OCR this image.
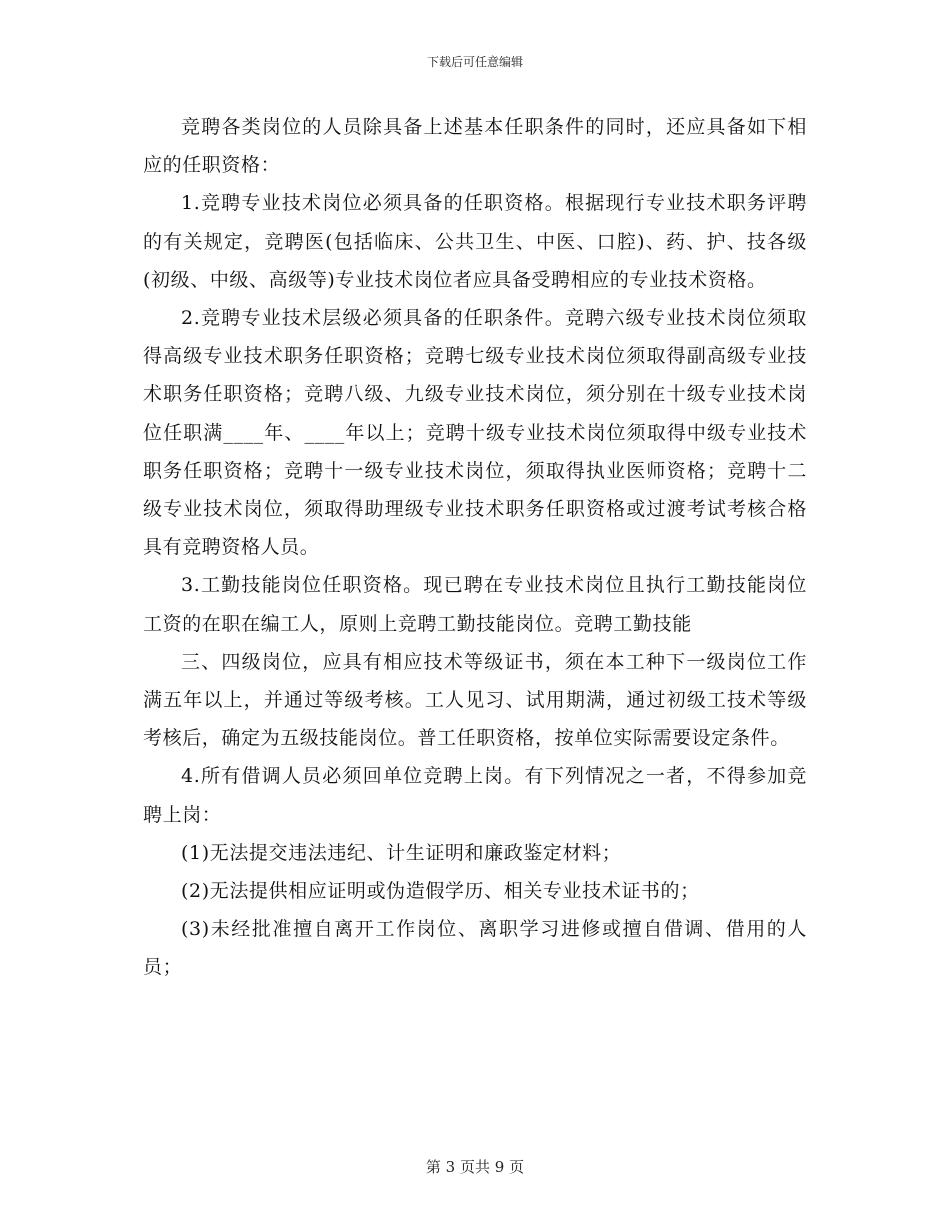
下载后可任意编辑

竞聘各类岗位的人员除具备上述基本任职条件的同时，还应具备如下相应的任职资格：

1.竞聘专业技术岗位必须具备的任职资格。根据现行专业技术职务评聘的有关规定，竞聘医(包括临床、公共卫生、中医、口腔)、药、护、技各级(初级、中级、高级等)专业技术岗位者应具备受聘相应的专业技术资格。

2.竞聘专业技术层级必须具备的任职条件。竞聘六级专业技术岗位须取得高级专业技术职务任职资格；竞聘七级专业技术岗位须取得副高级专业技术职务任职资格；竞聘八级、九级专业技术岗位，须分别在十级专业技术岗位任职满____年、____年以上；竞聘十级专业技术岗位须取得中级专业技术职务任职资格；竞聘十一级专业技术岗位，须取得执业医师资格；竞聘十二级专业技术岗位，须取得助理级专业技术职务任职资格或过渡考试考核合格具有竞聘资格人员。

3.工勤技能岗位任职资格。现已聘在专业技术岗位且执行工勤技能岗位工资的在职在编工人，原则上竞聘工勤技能岗位。竞聘工勤技能

三、四级岗位，应具有相应技术等级证书，须在本工种下一级岗位工作满五年以上，并通过等级考核。工人见习、试用期满，通过初级工技术等级考核后，确定为五级技能岗位。普工任职资格，按单位实际需要设定条件。

4.所有借调人员必须回单位竞聘上岗。有下列情况之一者，不得参加竞聘上岗：

(1)无法提交违法违纪、计生证明和廉政鉴定材料；

(2)无法提供相应证明或伪造假学历、相关专业技术证书的；

(3)未经批准擅自离开工作岗位、离职学习进修或擅自借调、借用的人员；

第 3 页共 9 页
